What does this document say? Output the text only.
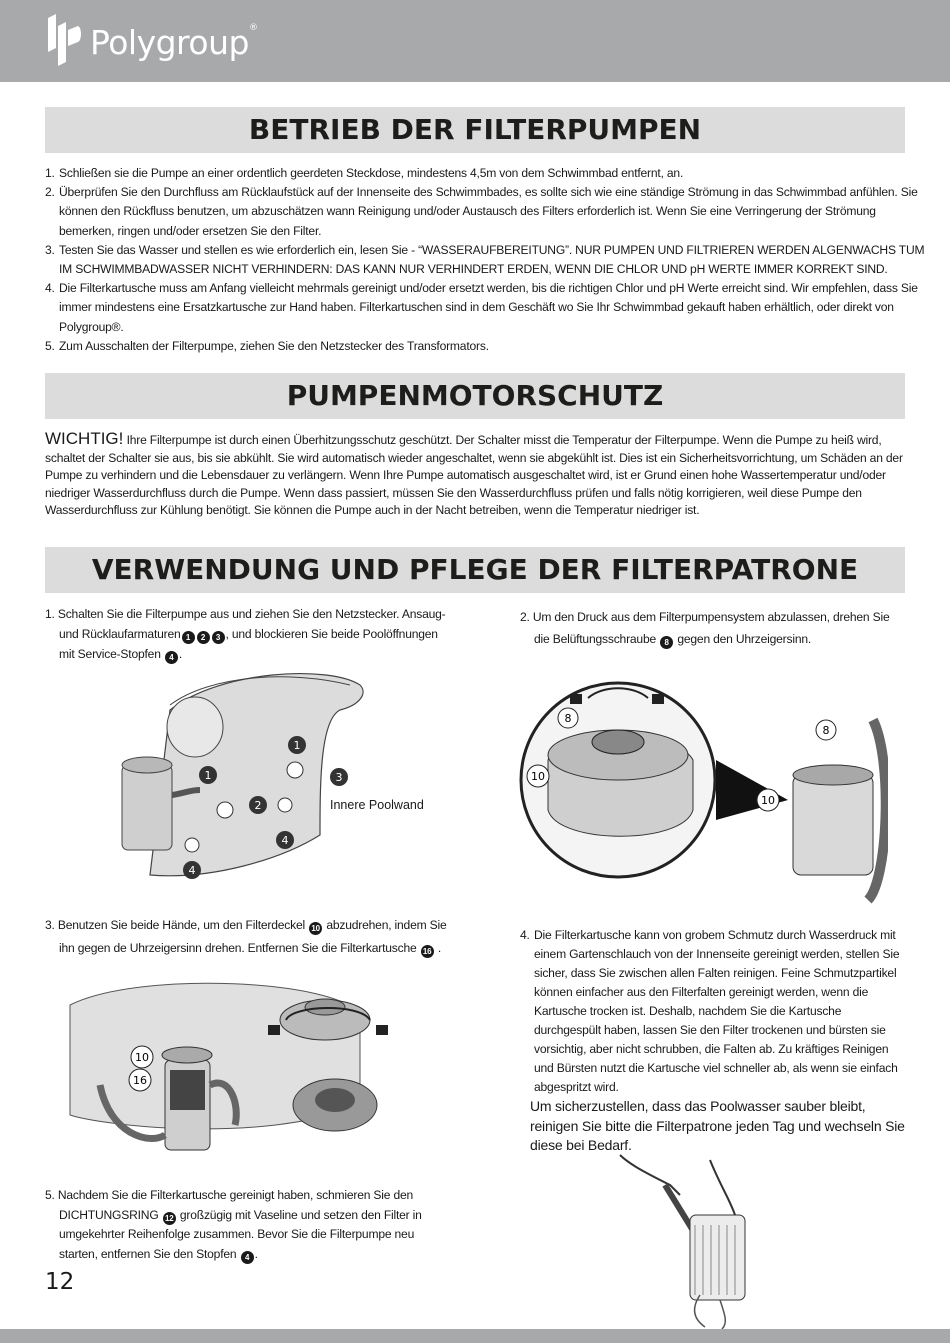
Polygroup®
BETRIEB DER FILTERPUMPEN
1. Schließen sie die Pumpe an einer ordentlich geerdeten Steckdose, mindestens 4,5m von dem Schwimmbad entfernt, an.
2. Überprüfen Sie den Durchfluss am Rücklaufstück auf der Innenseite des Schwimmbades, es sollte sich wie eine ständige Strömung in das Schwimmbad anfühlen. Sie können den Rückfluss benutzen, um abzuschätzen wann Reinigung und/oder Austausch des Filters erforderlich ist. Wenn Sie eine Verringerung der Strömung bemerken, ringen und/oder ersetzen Sie den Filter.
3. Testen Sie das Wasser und stellen es wie erforderlich ein, lesen Sie - “WASSERAUFBEREITUNG”. NUR PUMPEN UND FILTRIEREN WERDEN ALGENWACHS TUM IM SCHWIMMBADWASSER NICHT VERHINDERN: DAS KANN NUR VERHINDERT ERDEN, WENN DIE CHLOR UND pH WERTE IMMER KORREKT SIND.
4. Die Filterkartusche muss am Anfang vielleicht mehrmals gereinigt und/oder ersetzt werden, bis die richtigen Chlor und pH Werte erreicht sind. Wir empfehlen, dass Sie immer mindestens eine Ersatzkartusche zur Hand haben. Filterkartuschen sind in dem Geschäft wo Sie Ihr Schwimmbad gekauft haben erhältlich, oder direkt von Polygroup®.
5. Zum Ausschalten der Filterpumpe, ziehen Sie den Netzstecker des Transformators.
PUMPENMOTORSCHUTZ
WICHTIG! Ihre Filterpumpe ist durch einen Überhitzungsschutz geschützt. Der Schalter misst die Temperatur der Filterpumpe. Wenn die Pumpe zu heiß wird, schaltet der Schalter sie aus, bis sie abkühlt. Sie wird automatisch wieder angeschaltet, wenn sie abgekühlt ist. Dies ist ein Sicherheitsvorrichtung, um Schäden an der Pumpe zu verhindern und die Lebensdauer zu verlängern. Wenn Ihre Pumpe automatisch ausgeschaltet wird, ist er Grund einen hohe Wassertemperatur und/oder niedriger Wasserdurchfluss durch die Pumpe. Wenn dass passiert, müssen Sie den Wasserdurchfluss prüfen und falls nötig korrigieren, weil diese Pumpe den Wasserdurchfluss zur Kühlung benötigt. Sie können die Pumpe auch in der Nacht betreiben, wenn die Temperatur niedriger ist.
VERWENDUNG UND PFLEGE DER FILTERPATRONE
1. Schalten Sie die Filterpumpe aus und ziehen Sie den Netzstecker. Ansaug-
und Rücklaufarmaturen 1 2 3 , und blockieren Sie beide Poolöffnungen
mit Service-Stopfen 4 .
2. Um den Druck aus dem Filterpumpensystem abzulassen, drehen Sie
die Belüftungsschraube 8 gegen den Uhrzeigersinn.
1
1
2
3
4
4
Innere Poolwand
8
10
8
10
3. Benutzen Sie beide Hände, um den Filterdeckel 10 abzudrehen, indem Sie
ihn gegen de Uhrzeigersinn drehen. Entfernen Sie die Filterkartusche 16 .
10
16
4. Die Filterkartusche kann von grobem Schmutz durch Wasserdruck mit einem Gartenschlauch von der Innenseite gereinigt werden, stellen Sie sicher, dass Sie zwischen allen Falten reinigen. Feine Schmutzpartikel können einfacher aus den Filterfalten gereinigt werden, wenn die Kartusche trocken ist. Deshalb, nachdem Sie die Kartusche durchgespült haben, lassen Sie den Filter trockenen und bürsten sie vorsichtig, aber nicht schrubben, die Falten ab. Zu kräftiges Reinigen und Bürsten nutzt die Kartusche viel schneller ab, als wenn sie einfach abgespritzt wird.
Um sicherzustellen, dass das Poolwasser sauber bleibt, reinigen Sie bitte die Filterpatrone jeden Tag und wechseln Sie diese bei Bedarf.
5. Nachdem Sie die Filterkartusche gereinigt haben, schmieren Sie den
DICHTUNGSRING 12 großzügig mit Vaseline und setzen den Filter in
umgekehrter Reihenfolge zusammen. Bevor Sie die Filterpumpe neu
starten, entfernen Sie den Stopfen 4 .
12
